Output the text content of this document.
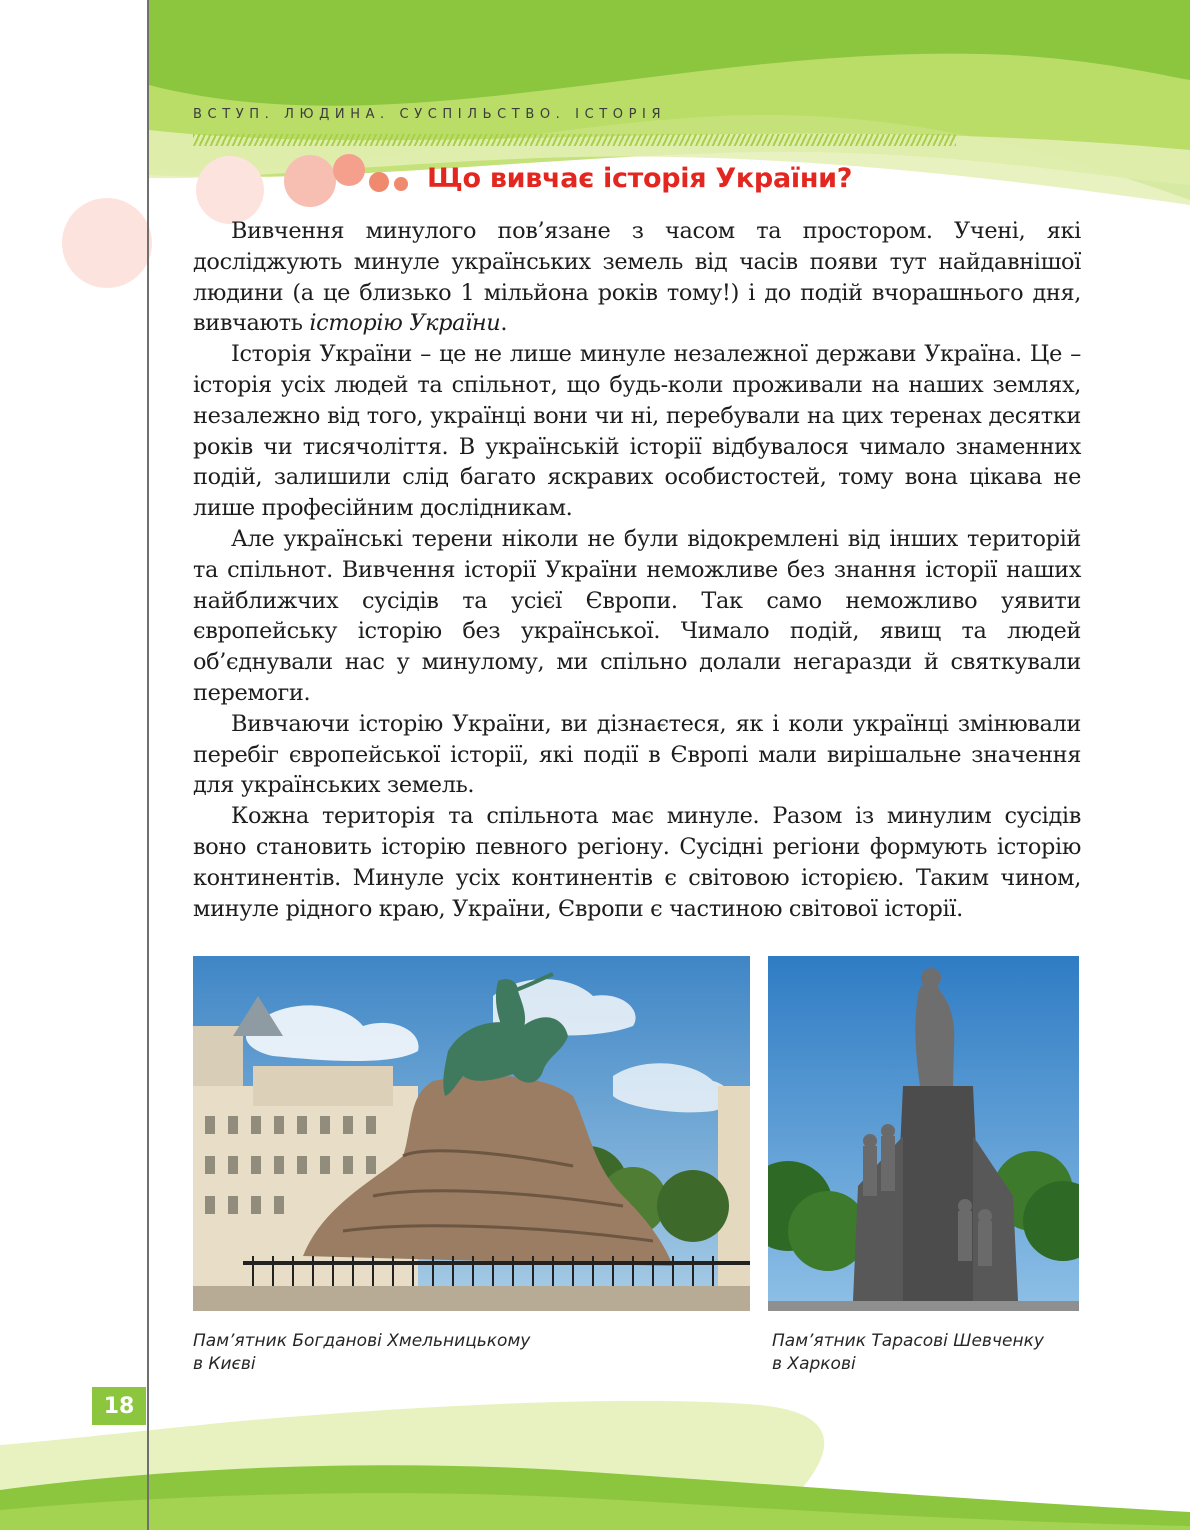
ВСТУП. ЛЮДИНА. СУСПІЛЬСТВО. ІСТОРІЯ
Що вивчає історія України?

Вивчення минулого пов’язане з часом та простором. Учені, які досліджують минуле українських земель від часів появи тут найдавнішої людини (а це близько 1 мільйона років тому!) і до подій вчорашнього дня, вивчають історію України.

Історія України – це не лише минуле незалежної держави Україна. Це – історія усіх людей та спільнот, що будь-коли проживали на наших землях, незалежно від того, українці вони чи ні, перебували на цих теренах десятки років чи тисячоліття. В українській історії відбувалося чимало знаменних подій, залишили слід багато яскравих особистостей, тому вона цікава не лише професійним дослідникам.

Але українські терени ніколи не були відокремлені від інших територій та спільнот. Вивчення історії України неможливе без знання історії наших найближчих сусідів та усієї Європи. Так само неможливо уявити європейську історію без української. Чимало подій, явищ та людей об’єднували нас у минулому, ми спільно долали негаразди й святкували перемоги.

Вивчаючи історію України, ви дізнаєтеся, як і коли українці змінювали перебіг європейської історії, які події в Європі мали вирішальне значення для українських земель.

Кожна територія та спільнота має минуле. Разом із минулим сусідів воно становить історію певного регіону. Сусідні регіони формують історію континентів. Минуле усіх континентів є світовою історією. Таким чином, минуле рідного краю, України, Європи є частиною світової історії.

Пам’ятник Богданові Хмельницькому
в Києві
Пам’ятник Тарасові Шевченку
в Харкові
18
